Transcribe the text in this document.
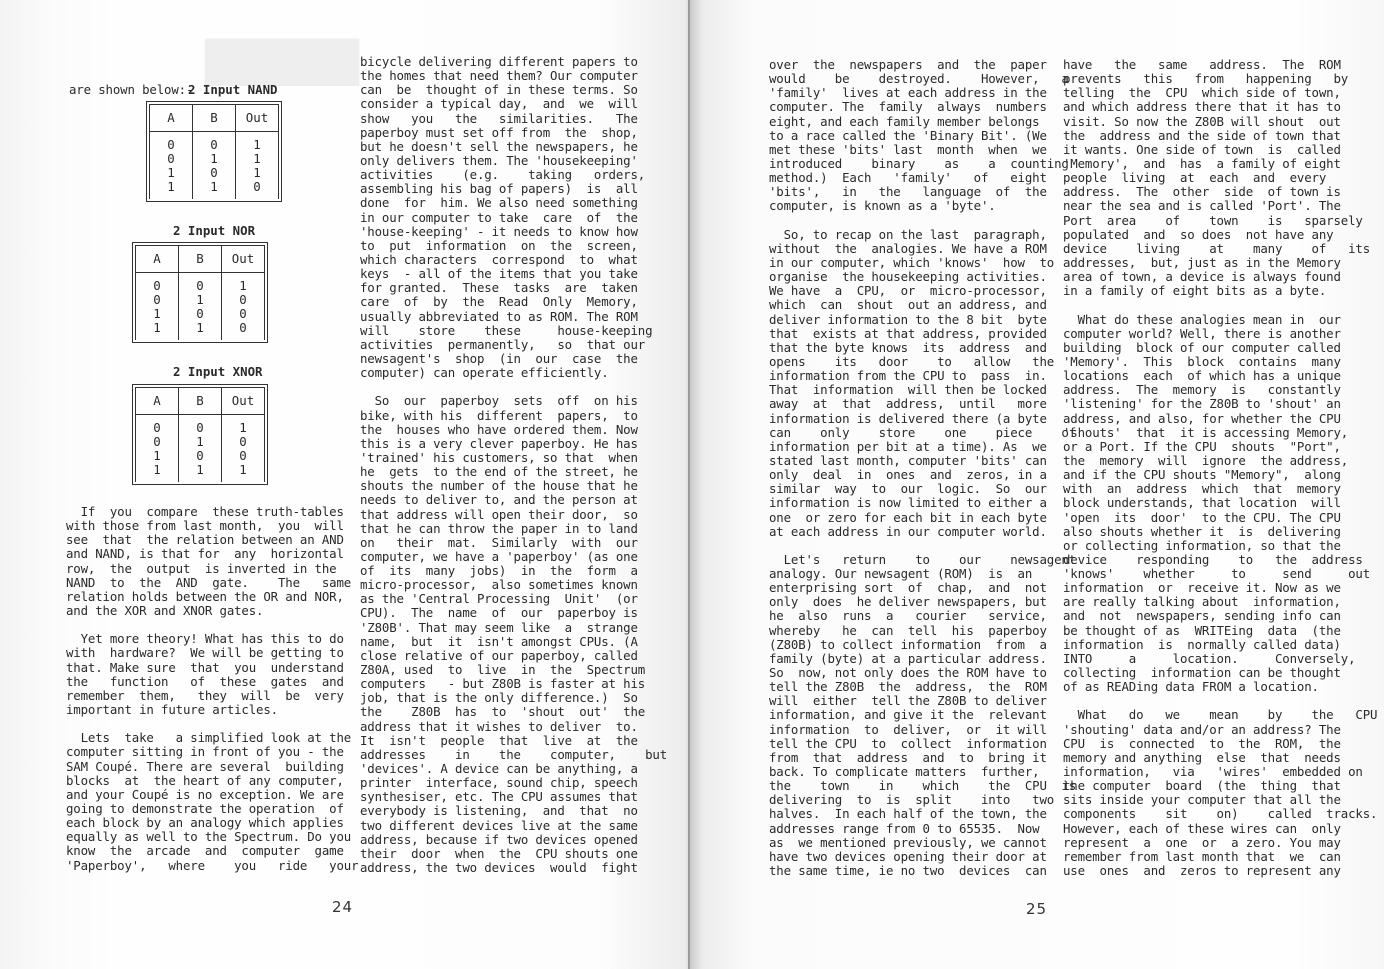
█████

are shown below:-

2 Input NAND
A	B	Out
0	0	1
0	1	1
1	0	1
1	1	0
2 Input NOR
A	B	Out
0	0	1
0	1	0
1	0	0
1	1	0
2 Input XNOR
A	B	Out
0	0	1
0	1	0
1	0	0
1	1	1
If  you  compare  these truth-tables
with those from last month,  you  will
see  that  the relation between an AND
and NAND, is that for  any  horizontal
row,  the  output  is inverted in the
NAND  to  the  AND  gate.    The   same
relation holds between the OR and NOR,
and the XOR and XNOR gates.
Yet more theory! What has this to do
with  hardware?  We will be getting to
that. Make sure  that  you  understand
the   function   of  these  gates  and
remember  them,   they  will  be  very
important in future articles.
Lets  take   a simplified look at the
computer sitting in front of you - the
SAM Coupé. There are several  building
blocks  at  the heart of any computer,
and your Coupé is no exception. We are
going to demonstrate the operation  of
each block by an analogy which applies
equally as well to the Spectrum. Do you
know  the  arcade  and  computer  game
'Paperboy',   where    you   ride   your
bicycle delivering different papers to
the homes that need them? Our computer
can  be  thought of in these terms. So
consider a typical day,  and  we  will
show   you   the   similarities.   The
paperboy must set off from  the  shop,
but he doesn't sell the newspapers, he
only delivers them. The 'housekeeping'
activities    (e.g.    taking   orders,
assembling his bag of papers)  is  all
done  for  him. We also need something
in our computer to take  care  of  the
'house-keeping' - it needs to know how
to  put  information  on  the  screen,
which characters  correspond  to  what
keys  - all of the items that you take
for granted.  These  tasks  are  taken
care  of  by  the  Read  Only  Memory,
usually abbreviated to as ROM. The ROM
will    store    these     house-keeping
activities  permanently,   so  that our
newsagent's  shop  (in  our  case  the
computer) can operate efficiently.
So  our  paperboy  sets  off  on his
bike, with his  different  papers,  to
the  houses who have ordered them. Now
this is a very clever paperboy. He has
'trained' his customers, so that  when
he  gets  to the end of the street, he
shouts the number of the house that he
needs to deliver to, and the person at
that address will open their door,  so
that he can throw the paper in to land
on   their  mat.  Similarly  with  our
computer, we have a 'paperboy' (as one
of  its  many  jobs)  in  the  form  a
micro-processor,  also sometimes known
as the 'Central Processing  Unit'  (or
CPU).  The  name  of  our  paperboy is
'Z80B'. That may seem like  a  strange
name,  but  it  isn't amongst CPUs. (A
close relative of our paperboy, called
Z80A, used  to  live  in  the  Spectrum
computers   - but Z80B is faster at his
job, that is the only difference.)  So
the    Z80B  has  to  'shout  out'  the
address that it wishes to deliver  to.
It  isn't  people  that  live  at  the
addresses    in    the    computer,    but
'devices'. A device can be anything, a
printer  interface, sound chip, speech
synthesiser, etc. The CPU assumes that
everybody is listening,  and  that  no
two different devices live at the same
address, because if two devices opened
their  door  when  the  CPU shouts one
address, the two devices  would  fight
24
over  the  newspapers  and  the  paper
would    be    destroyed.    However,   a
'family'  lives at each address in the
computer. The  family  always  numbers
eight, and each family member belongs
to a race called the 'Binary Bit'. (We
met these 'bits' last  month  when  we
introduced    binary    as    a  counting
method.)  Each   'family'   of   eight
'bits',   in   the   language  of  the
computer, is known as a 'byte'.
So, to recap on the last  paragraph,
without  the  analogies. We have a ROM
in our computer, which 'knows'  how  to
organise  the housekeeping activities.
We have  a  CPU,  or  micro-processor,
which  can  shout  out an address, and
deliver information to the 8 bit  byte
that  exists at that address, provided
that the byte knows  its  address  and
opens    its   door    to   allow   the
information from the CPU to  pass  in.
That  information  will then be locked
away  at  that  address,  until   more
information is delivered there (a byte
can    only    store    one    piece    of
information per bit at a time). As  we
stated last month, computer 'bits' can
only  deal  in  ones  and  zeros, in a
similar  way  to  our  logic.  So  our
information is now limited to either a
one  or zero for each bit in each byte
at each address in our computer world.
Let's   return    to    our    newsagent
analogy. Our newsagent (ROM)  is  an
enterprising sort  of  chap,  and  not
only  does  he deliver newspapers, but
he  also  runs  a   courier   service,
whereby   he  can  tell  his  paperboy
(Z80B) to collect information  from  a
family (byte) at a particular address.
So  now, not only does the ROM have to
tell the Z80B  the  address,  the  ROM
will  either  tell the Z80B to deliver
information, and give it the  relevant
information  to  deliver,  or  it will
tell the CPU  to  collect  information
from  that  address  and  to  bring it
back. To complicate matters  further,
the    town    in    which    the  CPU  is
delivering  to  is  split    into   two
halves.  In each half of the town, the
addresses range from 0 to 65535.  Now
as  we mentioned previously, we cannot
have two devices opening their door at
the same time, ie no two  devices  can
have   the   same   address.  The  ROM
prevents   this   from   happening   by
telling  the  CPU  which side of town,
and which address there that it has to
visit. So now the Z80B will shout  out
the  address and the side of town that
it wants. One side of town  is  called
'Memory',  and  has  a family of eight
people  living  at  each  and  every
address.  The  other  side  of town is
near the sea and is called 'Port'. The
Port  area    of    town    is   sparsely
populated  and  so does  not have any
device    living    at    many    of   its
addresses,  but, just as in the Memory
area of town, a device is always found
in a family of eight bits as a byte.
What do these analogies mean in  our
computer world? Well, there is another
building  block of our computer called
'Memory'.  This  block  contains  many
locations  each  of which has a unique
address.  The  memory  is   constantly
'listening' for the Z80B to 'shout' an
address, and also, for whether the CPU
'shouts'  that  it is accessing Memory,
or a Port. If the CPU  shouts  "Port",
the  memory  will  ignore  the address,
and if the CPU shouts "Memory",  along
with  an  address  which  that  memory
block understands, that location  will
'open  its  door'  to the CPU. The CPU
also shouts whether it  is  delivering
or collecting information, so that the
device    responding    to   the  address
'knows'    whether     to     send     out
information  or  receive it. Now as we
are really talking about  information,
and  not  newspapers, sending info can
be thought of as  WRITEing  data  (the
information  is  normally called data)
INTO     a     location.     Conversely,
collecting  information can be thought
of as READing data FROM a location.
What   do   we    mean    by    the   CPU
'shouting' data and/or an address? The
CPU  is  connected  to  the  ROM,  the
memory and anything  else  that  needs
information,   via   'wires'  embedded on
the computer  board  (the  thing  that
sits inside your computer that all the
components    sit    on)    called  tracks.
However, each of these wires can  only
represent  a  one  or  a zero. You may
remember from last month that  we  can
use  ones  and  zeros to represent any
25
